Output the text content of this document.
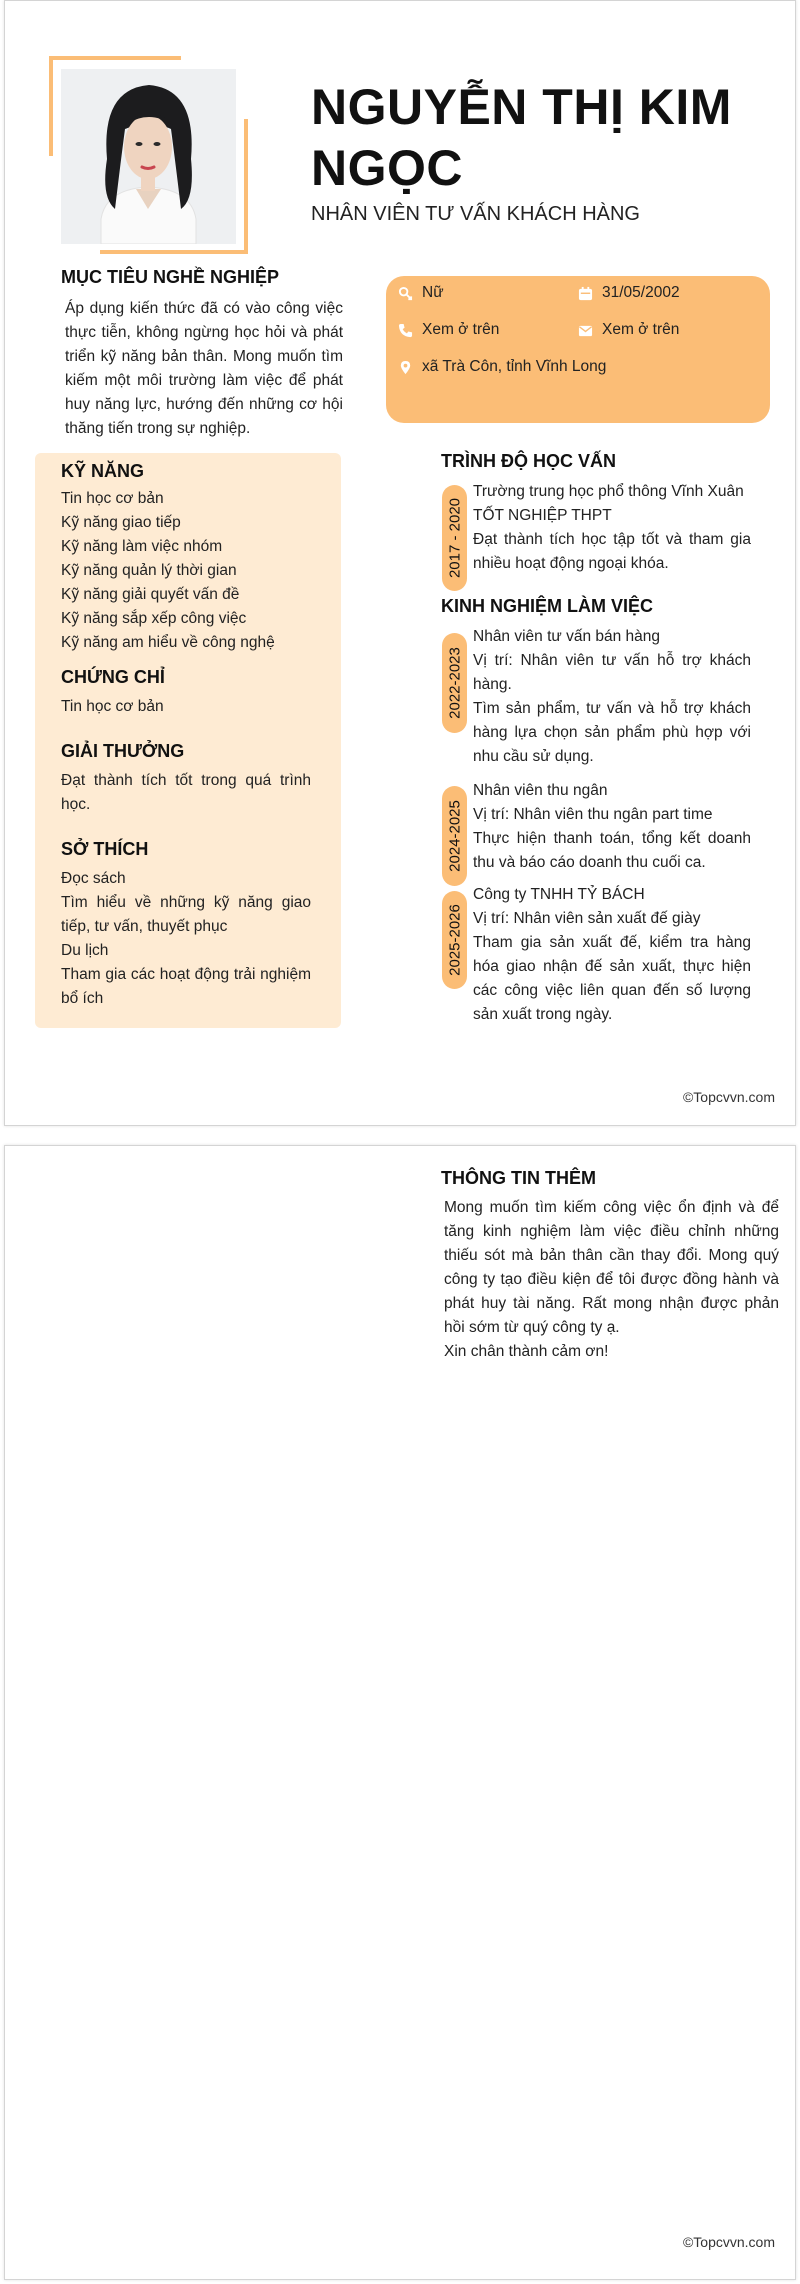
NGUYỄN THỊ KIM NGỌC
NHÂN VIÊN TƯ VẤN KHÁCH HÀNG
MỤC TIÊU NGHỀ NGHIỆP
Áp dụng kiến thức đã có vào công việc thực tiễn, không ngừng học hỏi và phát triển kỹ năng bản thân. Mong muốn tìm kiếm một môi trường làm việc để phát huy năng lực, hướng đến những cơ hội thăng tiến trong sự nghiệp.
KỸ NĂNG
Tin học cơ bản
Kỹ năng giao tiếp
Kỹ năng làm việc nhóm
Kỹ năng quản lý thời gian
Kỹ năng giải quyết vấn đề
Kỹ năng sắp xếp công việc
Kỹ năng am hiểu về công nghệ
CHỨNG CHỈ
Tin học cơ bản
GIẢI THƯỞNG
Đạt thành tích tốt trong quá trình học.
SỞ THÍCH
Đọc sách
Tìm hiểu về những kỹ năng giao tiếp, tư vấn, thuyết phục
Du lịch
Tham gia các hoạt động trải nghiệm bổ ích
Nữ	31/05/2002
Xem ở trên	Xem ở trên
xã Trà Côn, tỉnh Vĩnh Long
TRÌNH ĐỘ HỌC VẤN
2017 - 2020
Trường trung học phổ thông Vĩnh Xuân
TỐT NGHIỆP THPT
Đạt thành tích học tập tốt và tham gia nhiều hoạt động ngoại khóa.
KINH NGHIỆM LÀM VIỆC
2022-2023
Nhân viên tư vấn bán hàng
Vị trí: Nhân viên tư vấn hỗ trợ khách hàng.
Tìm sản phẩm, tư vấn và hỗ trợ khách hàng lựa chọn sản phẩm phù hợp với nhu cầu sử dụng.
2024-2025
Nhân viên thu ngân
Vị trí: Nhân viên thu ngân part time
Thực hiện thanh toán, tổng kết doanh thu và báo cáo doanh thu cuối ca.
2025-2026
Công ty TNHH TỶ BÁCH
Vị trí: Nhân viên sản xuất đế giày
Tham gia sản xuất đế, kiểm tra hàng hóa giao nhận đế sản xuất, thực hiện các công việc liên quan đến số lượng sản xuất trong ngày.
©Topcvvn.com
THÔNG TIN THÊM
Mong muốn tìm kiếm công việc ổn định và để tăng kinh nghiệm làm việc điều chỉnh những thiếu sót mà bản thân cần thay đổi. Mong quý công ty tạo điều kiện để tôi được đồng hành và phát huy tài năng. Rất mong nhận được phản hồi sớm từ quý công ty ạ.
Xin chân thành cảm ơn!
©Topcvvn.com
